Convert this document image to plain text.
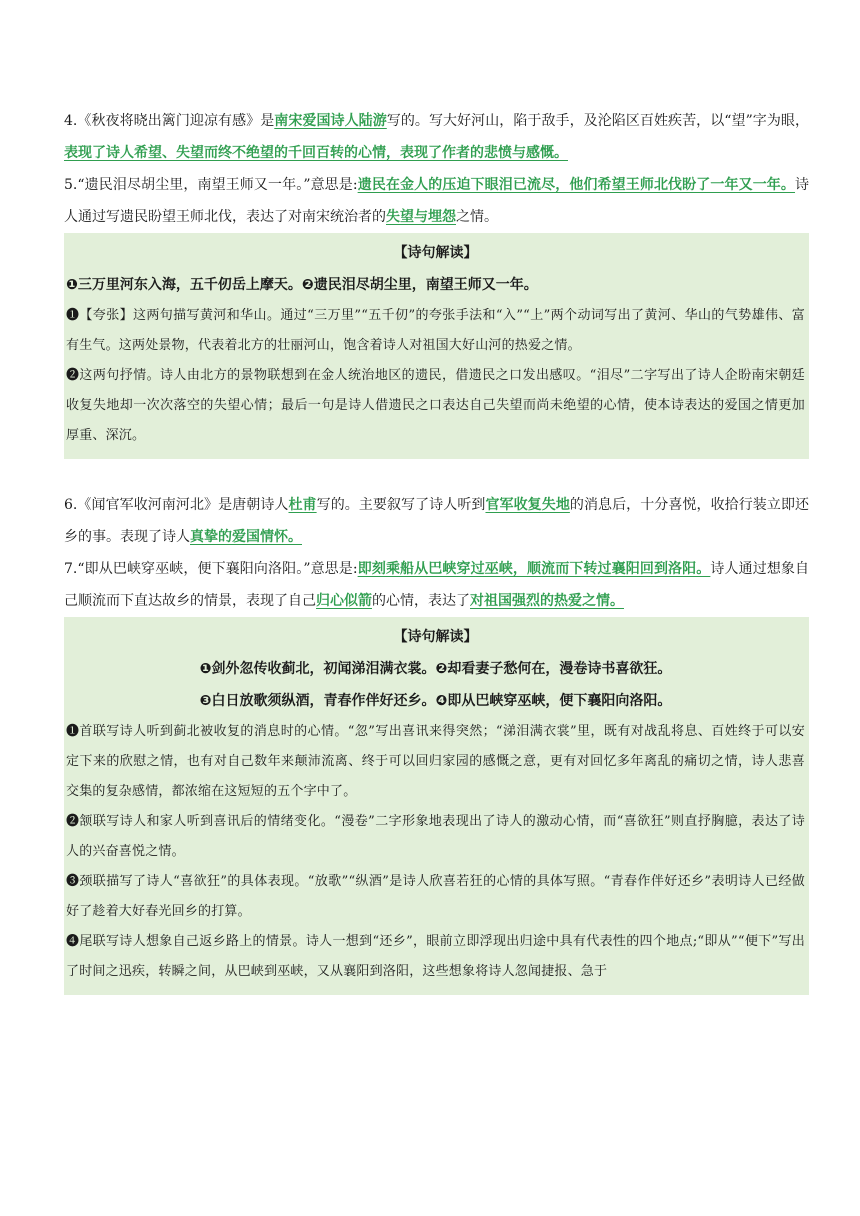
4.《秋夜将晓出篱门迎凉有感》是南宋爱国诗人陆游写的。写大好河山，陷于敌手，及沦陷区百姓疾苦，以“望”字为眼，表现了诗人希望、失望而终不绝望的千回百转的心情，表现了作者的悲愤与感慨。

5.“遗民泪尽胡尘里，南望王师又一年。”意思是:遗民在金人的压迫下眼泪已流尽，他们希望王师北伐盼了一年又一年。诗人通过写遗民盼望王师北伐，表达了对南宋统治者的失望与埋怨之情。

【诗句解读】
❶三万里河东入海，五千仞岳上摩天。❷遗民泪尽胡尘里，南望王师又一年。

❶【夸张】这两句描写黄河和华山。通过“三万里”“五千仞”的夸张手法和“入”“上”两个动词写出了黄河、华山的气势雄伟、富有生气。这两处景物，代表着北方的壮丽河山，饱含着诗人对祖国大好山河的热爱之情。

❷这两句抒情。诗人由北方的景物联想到在金人统治地区的遗民，借遗民之口发出感叹。“泪尽”二字写出了诗人企盼南宋朝廷收复失地却一次次落空的失望心情；最后一句是诗人借遗民之口表达自己失望而尚未绝望的心情，使本诗表达的爱国之情更加厚重、深沉。

6.《闻官军收河南河北》是唐朝诗人杜甫写的。主要叙写了诗人听到官军收复失地的消息后，十分喜悦，收拾行装立即还乡的事。表现了诗人真挚的爱国情怀。

7.“即从巴峡穿巫峡，便下襄阳向洛阳。”意思是:即刻乘船从巴峡穿过巫峡，顺流而下转过襄阳回到洛阳。诗人通过想象自己顺流而下直达故乡的情景，表现了自己归心似箭的心情，表达了对祖国强烈的热爱之情。

【诗句解读】
❶剑外忽传收蓟北，初闻涕泪满衣裳。❷却看妻子愁何在，漫卷诗书喜欲狂。
❸白日放歌须纵酒，青春作伴好还乡。❹即从巴峡穿巫峡，便下襄阳向洛阳。

❶首联写诗人听到蓟北被收复的消息时的心情。“忽”写出喜讯来得突然；“涕泪满衣裳”里，既有对战乱将息、百姓终于可以安定下来的欣慰之情，也有对自己数年来颠沛流离、终于可以回归家园的感慨之意，更有对回忆多年离乱的痛切之情，诗人悲喜交集的复杂感情，都浓缩在这短短的五个字中了。

❷颔联写诗人和家人听到喜讯后的情绪变化。“漫卷”二字形象地表现出了诗人的激动心情，而“喜欲狂”则直抒胸臆，表达了诗人的兴奋喜悦之情。

❸颈联描写了诗人“喜欲狂”的具体表现。“放歌”“纵酒”是诗人欣喜若狂的心情的具体写照。“青春作伴好还乡”表明诗人已经做好了趁着大好春光回乡的打算。

❹尾联写诗人想象自己返乡路上的情景。诗人一想到“还乡”，眼前立即浮现出归途中具有代表性的四个地点;“即从”“便下”写出了时间之迅疾，转瞬之间，从巴峡到巫峡，又从襄阳到洛阳，这些想象将诗人忽闻捷报、急于
